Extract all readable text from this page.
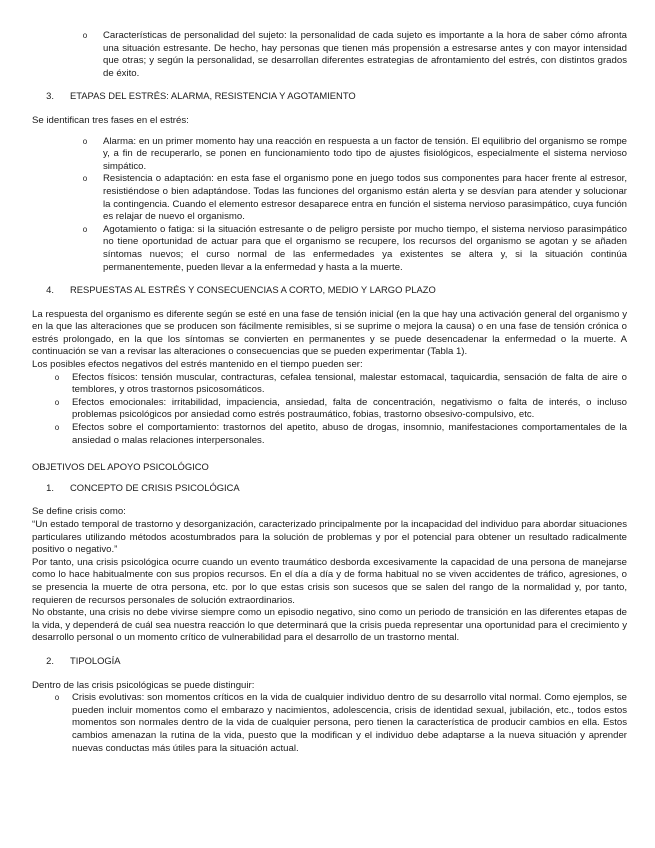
o	Características de personalidad del sujeto: la personalidad de cada sujeto es importante a la hora de saber cómo afronta una situación estresante. De hecho, hay personas que tienen más propensión a estresarse antes y con mayor intensidad que otras; y según la personalidad, se desarrollan diferentes estrategias de afrontamiento del estrés, con distintos grados de éxito.
3.	ETAPAS DEL ESTRÉS: ALARMA, RESISTENCIA Y AGOTAMIENTO

Se identifican tres fases en el estrés:

o	Alarma: en un primer momento hay una reacción en respuesta a un factor de tensión. El equilibrio del organismo se rompe y, a fin de recuperarlo, se ponen en funcionamiento todo tipo de ajustes fisiológicos, especialmente el sistema nervioso simpático.
o	Resistencia o adaptación: en esta fase el organismo pone en juego todos sus componentes para hacer frente al estresor, resistiéndose o bien adaptándose. Todas las funciones del organismo están alerta y se desvían para atender y solucionar la contingencia. Cuando el elemento estresor desaparece entra en función el sistema nervioso parasimpático, cuya función es relajar de nuevo el organismo.
o	Agotamiento o fatiga: si la situación estresante o de peligro persiste por mucho tiempo, el sistema nervioso parasimpático no tiene oportunidad de actuar para que el organismo se recupere, los recursos del organismo se agotan y se añaden síntomas nuevos; el curso normal de las enfermedades ya existentes se altera y, si la situación continúa permanentemente, pueden llevar a la enfermedad y hasta a la muerte.
4.	RESPUESTAS AL ESTRÉS Y CONSECUENCIAS A CORTO, MEDIO Y LARGO PLAZO

La respuesta del organismo es diferente según se esté en una fase de tensión inicial (en la que hay una activación general del organismo y en la que las alteraciones que se producen son fácilmente remisibles, si se suprime o mejora la causa) o en una fase de tensión crónica o estrés prolongado, en la que los síntomas se convierten en permanentes y se puede desencadenar la enfermedad o la muerte. A continuación se van a revisar las alteraciones o consecuencias que se pueden experimentar (Tabla 1).

Los posibles efectos negativos del estrés mantenido en el tiempo pueden ser:

o	Efectos físicos: tensión muscular, contracturas, cefalea tensional, malestar estomacal, taquicardia, sensación de falta de aire o temblores, y otros trastornos psicosomáticos.
o	Efectos emocionales: irritabilidad, impaciencia, ansiedad, falta de concentración, negativismo o falta de interés, o incluso problemas psicológicos por ansiedad como estrés postraumático, fobias, trastorno obsesivo-compulsivo, etc.
o	Efectos sobre el comportamiento: trastornos del apetito, abuso de drogas, insomnio, manifestaciones comportamentales de la ansiedad o malas relaciones interpersonales.
OBJETIVOS DEL APOYO PSICOLÓGICO
1.	CONCEPTO DE CRISIS PSICOLÓGICA

Se define crisis como:

“Un estado temporal de trastorno y desorganización, caracterizado principalmente por la incapacidad del individuo para abordar situaciones particulares utilizando métodos acostumbrados para la solución de problemas y por el potencial para obtener un resultado radicalmente positivo o negativo.”

Por tanto, una crisis psicológica ocurre cuando un evento traumático desborda excesivamente la capacidad de una persona de manejarse como lo hace habitualmente con sus propios recursos. En el día a día y de forma habitual no se viven accidentes de tráfico, agresiones, o se presencia la muerte de otra persona, etc. por lo que estas crisis son sucesos que se salen del rango de la normalidad y, por tanto, requieren de recursos personales de solución extraordinarios.

No obstante, una crisis no debe vivirse siempre como un episodio negativo, sino como un periodo de transición en las diferentes etapas de la vida, y dependerá de cuál sea nuestra reacción lo que determinará que la crisis pueda representar una oportunidad para el crecimiento y desarrollo personal o un momento crítico de vulnerabilidad para el desarrollo de un trastorno mental.

2.	TIPOLOGÍA

Dentro de las crisis psicológicas se puede distinguir:

o	Crisis evolutivas: son momentos críticos en la vida de cualquier individuo dentro de su desarrollo vital normal. Como ejemplos, se pueden incluir momentos como el embarazo y nacimientos, adolescencia, crisis de identidad sexual, jubilación, etc., todos estos momentos son normales dentro de la vida de cualquier persona, pero tienen la característica de producir cambios en ella. Estos cambios amenazan la rutina de la vida, puesto que la modifican y el individuo debe adaptarse a la nueva situación y aprender nuevas conductas más útiles para la situación actual.
